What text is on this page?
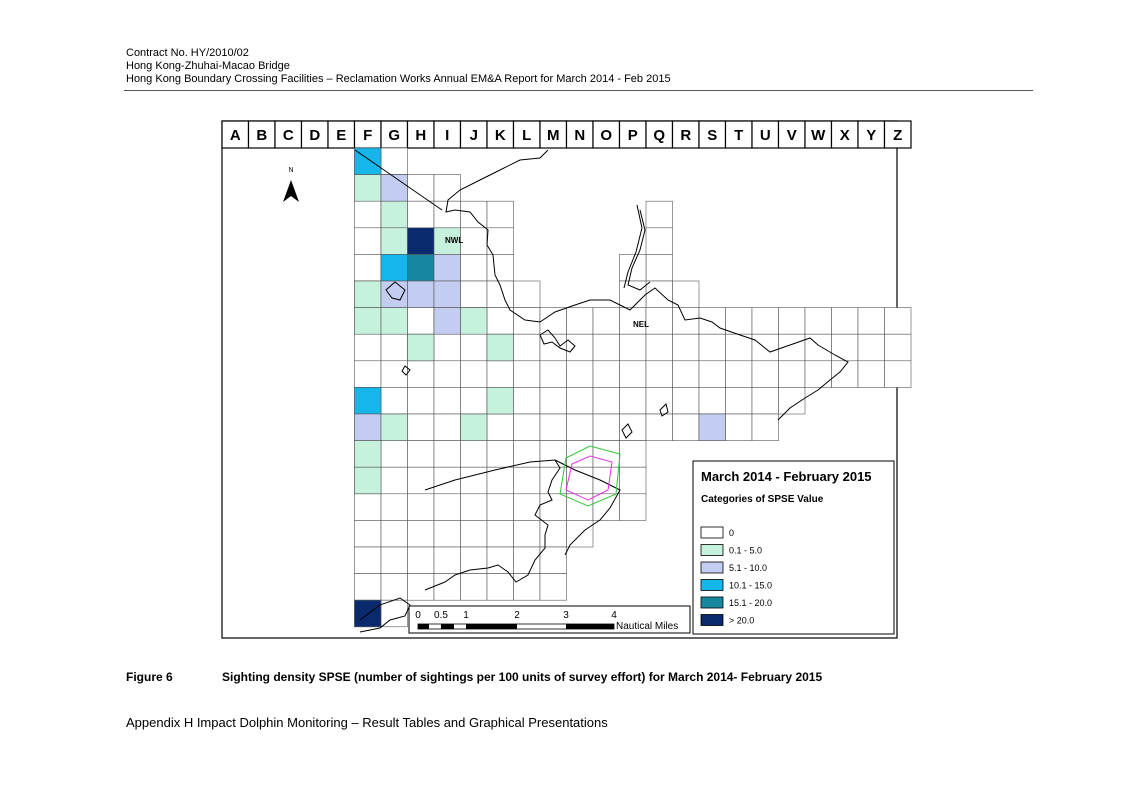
Contract No. HY/2010/02
Hong Kong-Zhuhai-Macao Bridge
Hong Kong Boundary Crossing Facilities – Reclamation Works Annual EM&A Report for March 2014 - Feb 2015
A B C D E F G H I J K L M N O P Q R S T U V W X Y Z
N
NWL
NEL
March 2014 - February 2015
Categories of SPSE Value
0
0.1 - 5.0
5.1 - 10.0
10.1 - 15.0
15.1 - 20.0
> 20.0
0 0.5 1	2	3	4
Nautical Miles
Figure 6	Sighting density SPSE (number of sightings per 100 units of survey effort) for March 2014- February 2015
Appendix H Impact Dolphin Monitoring – Result Tables and Graphical Presentations
